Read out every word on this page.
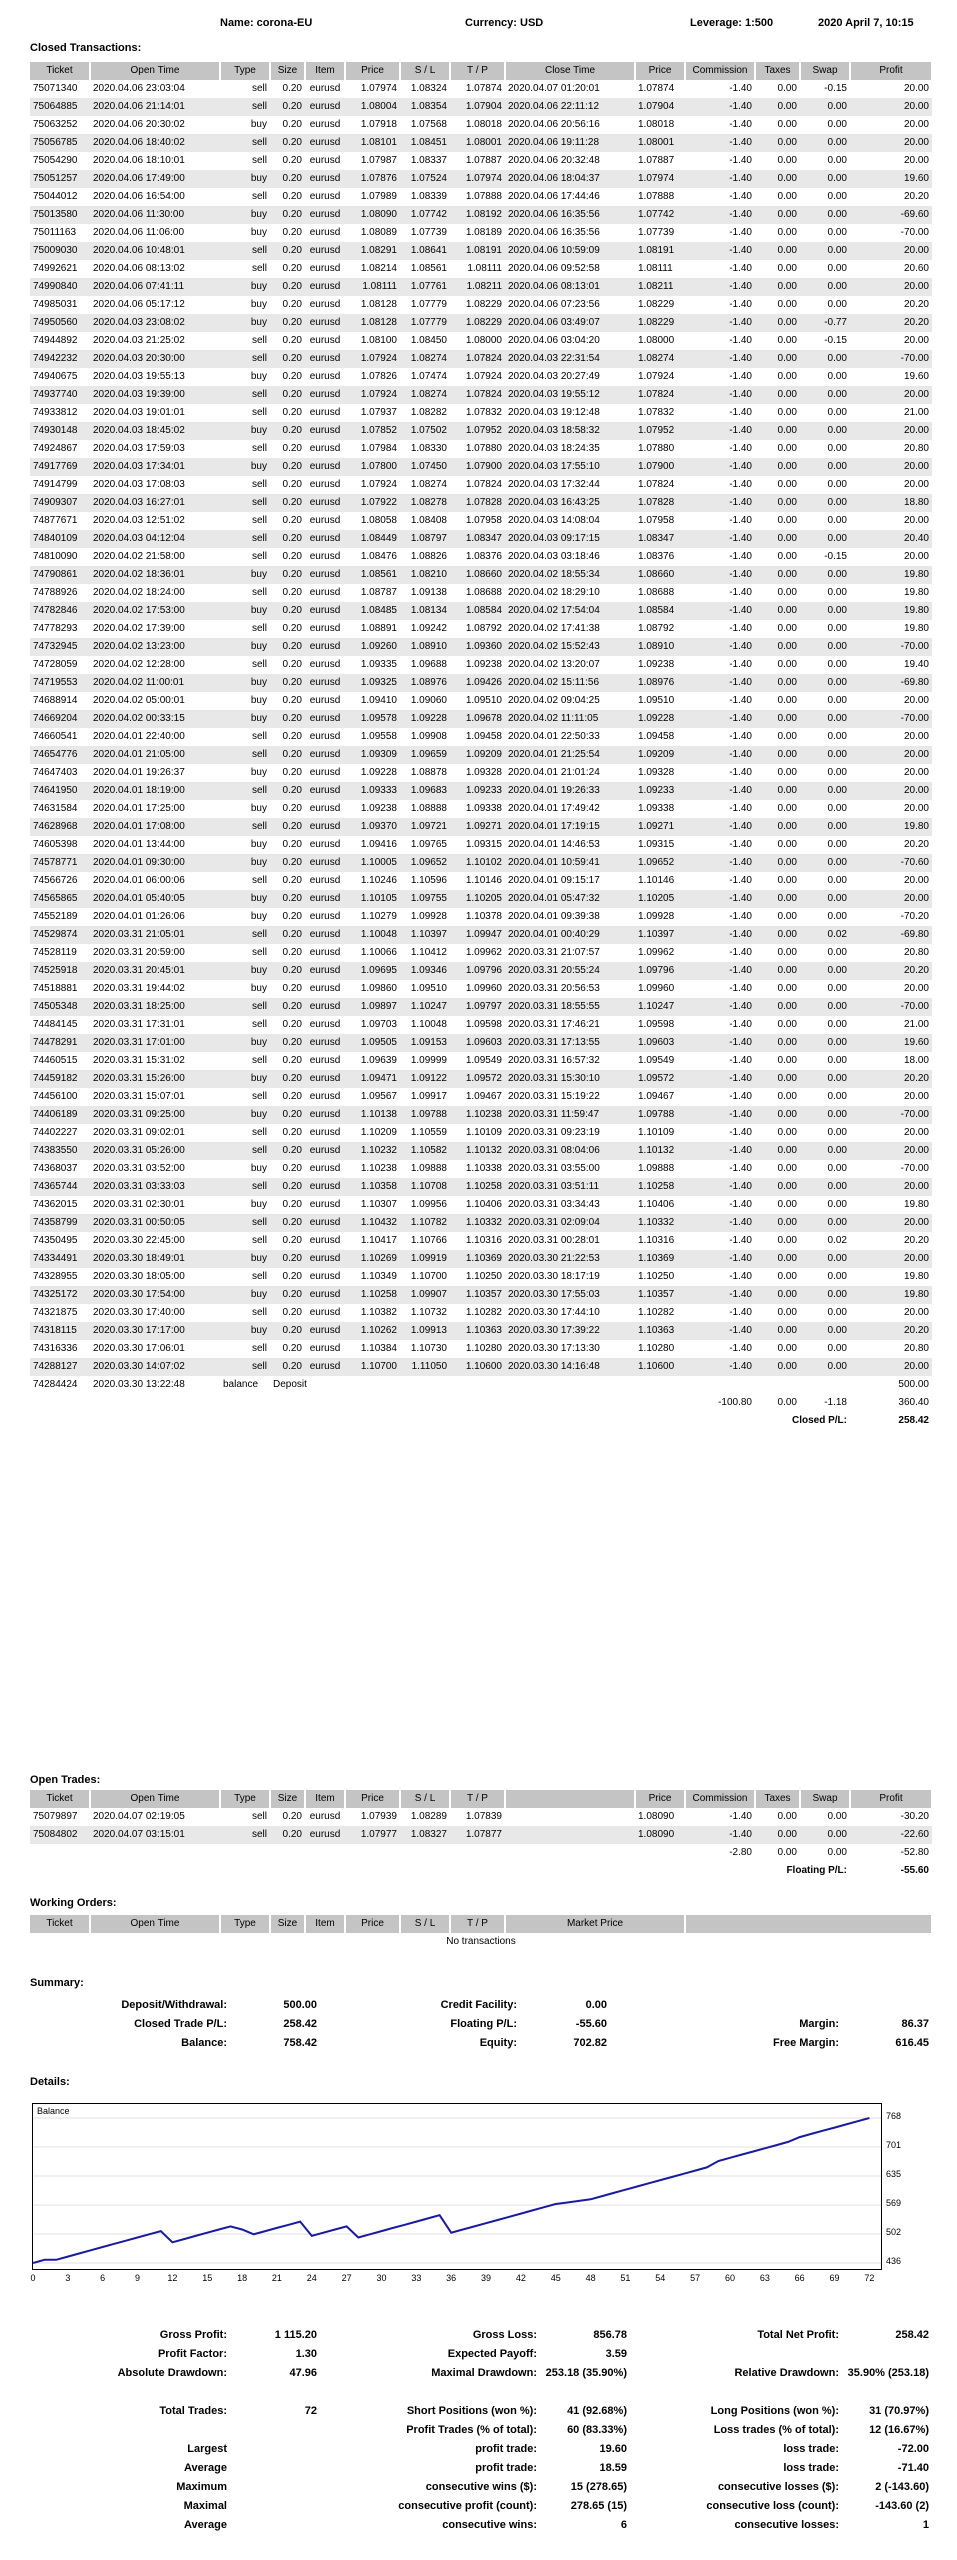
Name: corona-EU	Currency: USD	Leverage: 1:500	2020 April 7, 10:15
Closed Transactions:
Ticket	Open Time	Type	Size	Item	Price	S / L	T / P	Close Time	Price	Commission	Taxes	Swap	Profit
75071340	2020.04.06 23:03:04	sell	0.20	eurusd	1.07974	1.08324	1.07874	2020.04.07 01:20:01	1.07874	-1.40	0.00	-0.15	20.00
75064885	2020.04.06 21:14:01	sell	0.20	eurusd	1.08004	1.08354	1.07904	2020.04.06 22:11:12	1.07904	-1.40	0.00	0.00	20.00
75063252	2020.04.06 20:30:02	buy	0.20	eurusd	1.07918	1.07568	1.08018	2020.04.06 20:56:16	1.08018	-1.40	0.00	0.00	20.00
75056785	2020.04.06 18:40:02	sell	0.20	eurusd	1.08101	1.08451	1.08001	2020.04.06 19:11:28	1.08001	-1.40	0.00	0.00	20.00
75054290	2020.04.06 18:10:01	sell	0.20	eurusd	1.07987	1.08337	1.07887	2020.04.06 20:32:48	1.07887	-1.40	0.00	0.00	20.00
75051257	2020.04.06 17:49:00	buy	0.20	eurusd	1.07876	1.07524	1.07974	2020.04.06 18:04:37	1.07974	-1.40	0.00	0.00	19.60
75044012	2020.04.06 16:54:00	sell	0.20	eurusd	1.07989	1.08339	1.07888	2020.04.06 17:44:46	1.07888	-1.40	0.00	0.00	20.20
75013580	2020.04.06 11:30:00	buy	0.20	eurusd	1.08090	1.07742	1.08192	2020.04.06 16:35:56	1.07742	-1.40	0.00	0.00	-69.60
75011163	2020.04.06 11:06:00	buy	0.20	eurusd	1.08089	1.07739	1.08189	2020.04.06 16:35:56	1.07739	-1.40	0.00	0.00	-70.00
75009030	2020.04.06 10:48:01	sell	0.20	eurusd	1.08291	1.08641	1.08191	2020.04.06 10:59:09	1.08191	-1.40	0.00	0.00	20.00
74992621	2020.04.06 08:13:02	sell	0.20	eurusd	1.08214	1.08561	1.08111	2020.04.06 09:52:58	1.08111	-1.40	0.00	0.00	20.60
74990840	2020.04.06 07:41:11	buy	0.20	eurusd	1.08111	1.07761	1.08211	2020.04.06 08:13:01	1.08211	-1.40	0.00	0.00	20.00
74985031	2020.04.06 05:17:12	buy	0.20	eurusd	1.08128	1.07779	1.08229	2020.04.06 07:23:56	1.08229	-1.40	0.00	0.00	20.20
74950560	2020.04.03 23:08:02	buy	0.20	eurusd	1.08128	1.07779	1.08229	2020.04.06 03:49:07	1.08229	-1.40	0.00	-0.77	20.20
74944892	2020.04.03 21:25:02	sell	0.20	eurusd	1.08100	1.08450	1.08000	2020.04.06 03:04:20	1.08000	-1.40	0.00	-0.15	20.00
74942232	2020.04.03 20:30:00	sell	0.20	eurusd	1.07924	1.08274	1.07824	2020.04.03 22:31:54	1.08274	-1.40	0.00	0.00	-70.00
74940675	2020.04.03 19:55:13	buy	0.20	eurusd	1.07826	1.07474	1.07924	2020.04.03 20:27:49	1.07924	-1.40	0.00	0.00	19.60
74937740	2020.04.03 19:39:00	sell	0.20	eurusd	1.07924	1.08274	1.07824	2020.04.03 19:55:12	1.07824	-1.40	0.00	0.00	20.00
74933812	2020.04.03 19:01:01	sell	0.20	eurusd	1.07937	1.08282	1.07832	2020.04.03 19:12:48	1.07832	-1.40	0.00	0.00	21.00
74930148	2020.04.03 18:45:02	buy	0.20	eurusd	1.07852	1.07502	1.07952	2020.04.03 18:58:32	1.07952	-1.40	0.00	0.00	20.00
74924867	2020.04.03 17:59:03	sell	0.20	eurusd	1.07984	1.08330	1.07880	2020.04.03 18:24:35	1.07880	-1.40	0.00	0.00	20.80
74917769	2020.04.03 17:34:01	buy	0.20	eurusd	1.07800	1.07450	1.07900	2020.04.03 17:55:10	1.07900	-1.40	0.00	0.00	20.00
74914799	2020.04.03 17:08:03	sell	0.20	eurusd	1.07924	1.08274	1.07824	2020.04.03 17:32:44	1.07824	-1.40	0.00	0.00	20.00
74909307	2020.04.03 16:27:01	sell	0.20	eurusd	1.07922	1.08278	1.07828	2020.04.03 16:43:25	1.07828	-1.40	0.00	0.00	18.80
74877671	2020.04.03 12:51:02	sell	0.20	eurusd	1.08058	1.08408	1.07958	2020.04.03 14:08:04	1.07958	-1.40	0.00	0.00	20.00
74840109	2020.04.03 04:12:04	sell	0.20	eurusd	1.08449	1.08797	1.08347	2020.04.03 09:17:15	1.08347	-1.40	0.00	0.00	20.40
74810090	2020.04.02 21:58:00	sell	0.20	eurusd	1.08476	1.08826	1.08376	2020.04.03 03:18:46	1.08376	-1.40	0.00	-0.15	20.00
74790861	2020.04.02 18:36:01	buy	0.20	eurusd	1.08561	1.08210	1.08660	2020.04.02 18:55:34	1.08660	-1.40	0.00	0.00	19.80
74788926	2020.04.02 18:24:00	sell	0.20	eurusd	1.08787	1.09138	1.08688	2020.04.02 18:29:10	1.08688	-1.40	0.00	0.00	19.80
74782846	2020.04.02 17:53:00	buy	0.20	eurusd	1.08485	1.08134	1.08584	2020.04.02 17:54:04	1.08584	-1.40	0.00	0.00	19.80
74778293	2020.04.02 17:39:00	sell	0.20	eurusd	1.08891	1.09242	1.08792	2020.04.02 17:41:38	1.08792	-1.40	0.00	0.00	19.80
74732945	2020.04.02 13:23:00	buy	0.20	eurusd	1.09260	1.08910	1.09360	2020.04.02 15:52:43	1.08910	-1.40	0.00	0.00	-70.00
74728059	2020.04.02 12:28:00	sell	0.20	eurusd	1.09335	1.09688	1.09238	2020.04.02 13:20:07	1.09238	-1.40	0.00	0.00	19.40
74719553	2020.04.02 11:00:01	buy	0.20	eurusd	1.09325	1.08976	1.09426	2020.04.02 15:11:56	1.08976	-1.40	0.00	0.00	-69.80
74688914	2020.04.02 05:00:01	buy	0.20	eurusd	1.09410	1.09060	1.09510	2020.04.02 09:04:25	1.09510	-1.40	0.00	0.00	20.00
74669204	2020.04.02 00:33:15	buy	0.20	eurusd	1.09578	1.09228	1.09678	2020.04.02 11:11:05	1.09228	-1.40	0.00	0.00	-70.00
74660541	2020.04.01 22:40:00	sell	0.20	eurusd	1.09558	1.09908	1.09458	2020.04.01 22:50:33	1.09458	-1.40	0.00	0.00	20.00
74654776	2020.04.01 21:05:00	sell	0.20	eurusd	1.09309	1.09659	1.09209	2020.04.01 21:25:54	1.09209	-1.40	0.00	0.00	20.00
74647403	2020.04.01 19:26:37	buy	0.20	eurusd	1.09228	1.08878	1.09328	2020.04.01 21:01:24	1.09328	-1.40	0.00	0.00	20.00
74641950	2020.04.01 18:19:00	sell	0.20	eurusd	1.09333	1.09683	1.09233	2020.04.01 19:26:33	1.09233	-1.40	0.00	0.00	20.00
74631584	2020.04.01 17:25:00	buy	0.20	eurusd	1.09238	1.08888	1.09338	2020.04.01 17:49:42	1.09338	-1.40	0.00	0.00	20.00
74628968	2020.04.01 17:08:00	sell	0.20	eurusd	1.09370	1.09721	1.09271	2020.04.01 17:19:15	1.09271	-1.40	0.00	0.00	19.80
74605398	2020.04.01 13:44:00	buy	0.20	eurusd	1.09416	1.09765	1.09315	2020.04.01 14:46:53	1.09315	-1.40	0.00	0.00	20.20
74578771	2020.04.01 09:30:00	buy	0.20	eurusd	1.10005	1.09652	1.10102	2020.04.01 10:59:41	1.09652	-1.40	0.00	0.00	-70.60
74566726	2020.04.01 06:00:06	sell	0.20	eurusd	1.10246	1.10596	1.10146	2020.04.01 09:15:17	1.10146	-1.40	0.00	0.00	20.00
74565865	2020.04.01 05:40:05	buy	0.20	eurusd	1.10105	1.09755	1.10205	2020.04.01 05:47:32	1.10205	-1.40	0.00	0.00	20.00
74552189	2020.04.01 01:26:06	buy	0.20	eurusd	1.10279	1.09928	1.10378	2020.04.01 09:39:38	1.09928	-1.40	0.00	0.00	-70.20
74529874	2020.03.31 21:05:01	sell	0.20	eurusd	1.10048	1.10397	1.09947	2020.04.01 00:40:29	1.10397	-1.40	0.00	0.02	-69.80
74528119	2020.03.31 20:59:00	sell	0.20	eurusd	1.10066	1.10412	1.09962	2020.03.31 21:07:57	1.09962	-1.40	0.00	0.00	20.80
74525918	2020.03.31 20:45:01	buy	0.20	eurusd	1.09695	1.09346	1.09796	2020.03.31 20:55:24	1.09796	-1.40	0.00	0.00	20.20
74518881	2020.03.31 19:44:02	buy	0.20	eurusd	1.09860	1.09510	1.09960	2020.03.31 20:56:53	1.09960	-1.40	0.00	0.00	20.00
74505348	2020.03.31 18:25:00	sell	0.20	eurusd	1.09897	1.10247	1.09797	2020.03.31 18:55:55	1.10247	-1.40	0.00	0.00	-70.00
74484145	2020.03.31 17:31:01	sell	0.20	eurusd	1.09703	1.10048	1.09598	2020.03.31 17:46:21	1.09598	-1.40	0.00	0.00	21.00
74478291	2020.03.31 17:01:00	buy	0.20	eurusd	1.09505	1.09153	1.09603	2020.03.31 17:13:55	1.09603	-1.40	0.00	0.00	19.60
74460515	2020.03.31 15:31:02	sell	0.20	eurusd	1.09639	1.09999	1.09549	2020.03.31 16:57:32	1.09549	-1.40	0.00	0.00	18.00
74459182	2020.03.31 15:26:00	buy	0.20	eurusd	1.09471	1.09122	1.09572	2020.03.31 15:30:10	1.09572	-1.40	0.00	0.00	20.20
74456100	2020.03.31 15:07:01	sell	0.20	eurusd	1.09567	1.09917	1.09467	2020.03.31 15:19:22	1.09467	-1.40	0.00	0.00	20.00
74406189	2020.03.31 09:25:00	buy	0.20	eurusd	1.10138	1.09788	1.10238	2020.03.31 11:59:47	1.09788	-1.40	0.00	0.00	-70.00
74402227	2020.03.31 09:02:01	sell	0.20	eurusd	1.10209	1.10559	1.10109	2020.03.31 09:23:19	1.10109	-1.40	0.00	0.00	20.00
74383550	2020.03.31 05:26:00	sell	0.20	eurusd	1.10232	1.10582	1.10132	2020.03.31 08:04:06	1.10132	-1.40	0.00	0.00	20.00
74368037	2020.03.31 03:52:00	buy	0.20	eurusd	1.10238	1.09888	1.10338	2020.03.31 03:55:00	1.09888	-1.40	0.00	0.00	-70.00
74365744	2020.03.31 03:33:03	sell	0.20	eurusd	1.10358	1.10708	1.10258	2020.03.31 03:51:11	1.10258	-1.40	0.00	0.00	20.00
74362015	2020.03.31 02:30:01	buy	0.20	eurusd	1.10307	1.09956	1.10406	2020.03.31 03:34:43	1.10406	-1.40	0.00	0.00	19.80
74358799	2020.03.31 00:50:05	sell	0.20	eurusd	1.10432	1.10782	1.10332	2020.03.31 02:09:04	1.10332	-1.40	0.00	0.00	20.00
74350495	2020.03.30 22:45:00	sell	0.20	eurusd	1.10417	1.10766	1.10316	2020.03.31 00:28:01	1.10316	-1.40	0.00	0.02	20.20
74334491	2020.03.30 18:49:01	buy	0.20	eurusd	1.10269	1.09919	1.10369	2020.03.30 21:22:53	1.10369	-1.40	0.00	0.00	20.00
74328955	2020.03.30 18:05:00	sell	0.20	eurusd	1.10349	1.10700	1.10250	2020.03.30 18:17:19	1.10250	-1.40	0.00	0.00	19.80
74325172	2020.03.30 17:54:00	buy	0.20	eurusd	1.10258	1.09907	1.10357	2020.03.30 17:55:03	1.10357	-1.40	0.00	0.00	19.80
74321875	2020.03.30 17:40:00	sell	0.20	eurusd	1.10382	1.10732	1.10282	2020.03.30 17:44:10	1.10282	-1.40	0.00	0.00	20.00
74318115	2020.03.30 17:17:00	buy	0.20	eurusd	1.10262	1.09913	1.10363	2020.03.30 17:39:22	1.10363	-1.40	0.00	0.00	20.20
74316336	2020.03.30 17:06:01	sell	0.20	eurusd	1.10384	1.10730	1.10280	2020.03.30 17:13:30	1.10280	-1.40	0.00	0.00	20.80
74288127	2020.03.30 14:07:02	sell	0.20	eurusd	1.10700	1.11050	1.10600	2020.03.30 14:16:48	1.10600	-1.40	0.00	0.00	20.00
74284424	2020.03.30 13:22:48	balance	Deposit										500.00
										-100.80	0.00	-1.18	360.40
										Closed P/L:			258.42
Open Trades:
Ticket	Open Time	Type	Size	Item	Price	S / L	T / P		Price	Commission	Taxes	Swap	Profit
75079897	2020.04.07 02:19:05	sell	0.20	eurusd	1.07939	1.08289	1.07839		1.08090	-1.40	0.00	0.00	-30.20
75084802	2020.04.07 03:15:01	sell	0.20	eurusd	1.07977	1.08327	1.07877		1.08090	-1.40	0.00	0.00	-22.60
										-2.80	0.00	0.00	-52.80
										Floating P/L:			-55.60
Working Orders:
Ticket	Open Time	Type	Size	Item	Price	S / L	T / P	Market Price	
No transactions
Summary:
Deposit/Withdrawal:	500.00	Credit Facility:	0.00		
Closed Trade P/L:	258.42	Floating P/L:	-55.60	Margin:	86.37
Balance:	758.42	Equity:	702.82	Free Margin:	616.45
Details:
Balance	768
701
635
569
502
436
0	3	6	9	12	15	18	21	24	27	30	33	36	39	42	45	48	51	54	57	60	63	66	69	72
Gross Profit:	1 115.20	Gross Loss:	856.78	Total Net Profit:	258.42
Profit Factor:	1.30	Expected Payoff:	3.59		
Absolute Drawdown:	47.96	Maximal Drawdown:	253.18 (35.90%)	Relative Drawdown:	35.90% (253.18)
Total Trades:	72	Short Positions (won %):	41 (92.68%)	Long Positions (won %):	31 (70.97%)
		Profit Trades (% of total):	60 (83.33%)	Loss trades (% of total):	12 (16.67%)
Largest		profit trade:	19.60	loss trade:	-72.00
Average		profit trade:	18.59	loss trade:	-71.40
Maximum		consecutive wins ($):	15 (278.65)	consecutive losses ($):	2 (-143.60)
Maximal		consecutive profit (count):	278.65 (15)	consecutive loss (count):	-143.60 (2)
Average		consecutive wins:	6	consecutive losses:	1
